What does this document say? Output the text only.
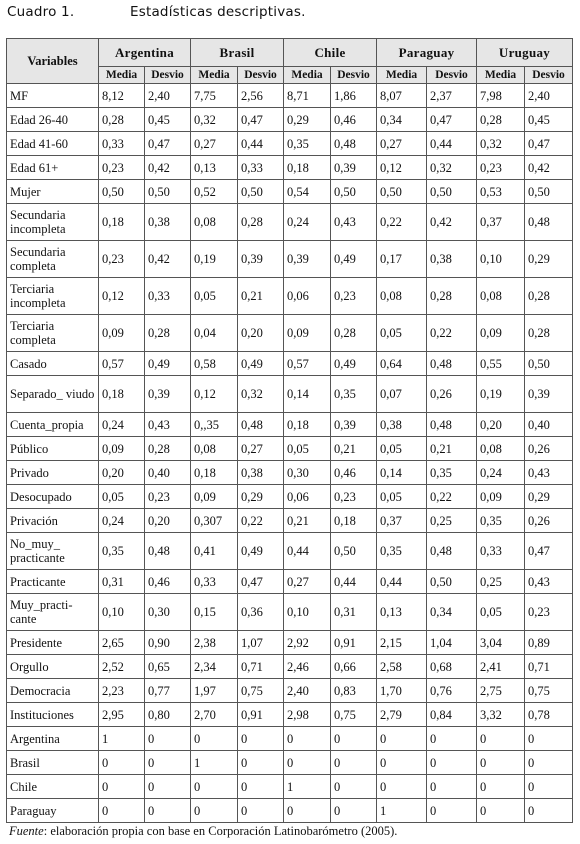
Cuadro 1.	Estadísticas descriptivas.
Variables	Argentina		Brasil		Chile		Paraguay		Uruguay	
	Media	Desvio	Media	Desvio	Media	Desvio	Media	Desvio	Media	Desvio
MF	8,12	2,40	7,75	2,56	8,71	1,86	8,07	2,37	7,98	2,40
Edad 26-40	0,28	0,45	0,32	0,47	0,29	0,46	0,34	0,47	0,28	0,45
Edad 41-60	0,33	0,47	0,27	0,44	0,35	0,48	0,27	0,44	0,32	0,47
Edad 61+	0,23	0,42	0,13	0,33	0,18	0,39	0,12	0,32	0,23	0,42
Mujer	0,50	0,50	0,52	0,50	0,54	0,50	0,50	0,50	0,53	0,50
Secundaria incompleta	0,18	0,38	0,08	0,28	0,24	0,43	0,22	0,42	0,37	0,48
Secundaria completa	0,23	0,42	0,19	0,39	0,39	0,49	0,17	0,38	0,10	0,29
Terciaria incompleta	0,12	0,33	0,05	0,21	0,06	0,23	0,08	0,28	0,08	0,28
Terciaria completa	0,09	0,28	0,04	0,20	0,09	0,28	0,05	0,22	0,09	0,28
Casado	0,57	0,49	0,58	0,49	0,57	0,49	0,64	0,48	0,55	0,50
Separado_ viudo	0,18	0,39	0,12	0,32	0,14	0,35	0,07	0,26	0,19	0,39
Cuenta_propia	0,24	0,43	0,,35	0,48	0,18	0,39	0,38	0,48	0,20	0,40
Público	0,09	0,28	0,08	0,27	0,05	0,21	0,05	0,21	0,08	0,26
Privado	0,20	0,40	0,18	0,38	0,30	0,46	0,14	0,35	0,24	0,43
Desocupado	0,05	0,23	0,09	0,29	0,06	0,23	0,05	0,22	0,09	0,29
Privación	0,24	0,20	0,307	0,22	0,21	0,18	0,37	0,25	0,35	0,26
No_muy_ practicante	0,35	0,48	0,41	0,49	0,44	0,50	0,35	0,48	0,33	0,47
Practicante	0,31	0,46	0,33	0,47	0,27	0,44	0,44	0,50	0,25	0,43
Muy_practi- cante	0,10	0,30	0,15	0,36	0,10	0,31	0,13	0,34	0,05	0,23
Presidente	2,65	0,90	2,38	1,07	2,92	0,91	2,15	1,04	3,04	0,89
Orgullo	2,52	0,65	2,34	0,71	2,46	0,66	2,58	0,68	2,41	0,71
Democracia	2,23	0,77	1,97	0,75	2,40	0,83	1,70	0,76	2,75	0,75
Instituciones	2,95	0,80	2,70	0,91	2,98	0,75	2,79	0,84	3,32	0,78
Argentina	1	0	0	0	0	0	0	0	0	0
Brasil	0	0	1	0	0	0	0	0	0	0
Chile	0	0	0	0	1	0	0	0	0	0
Paraguay	0	0	0	0	0	0	1	0	0	0
Fuente: elaboración propia con base en Corporación Latinobarómetro (2005).
